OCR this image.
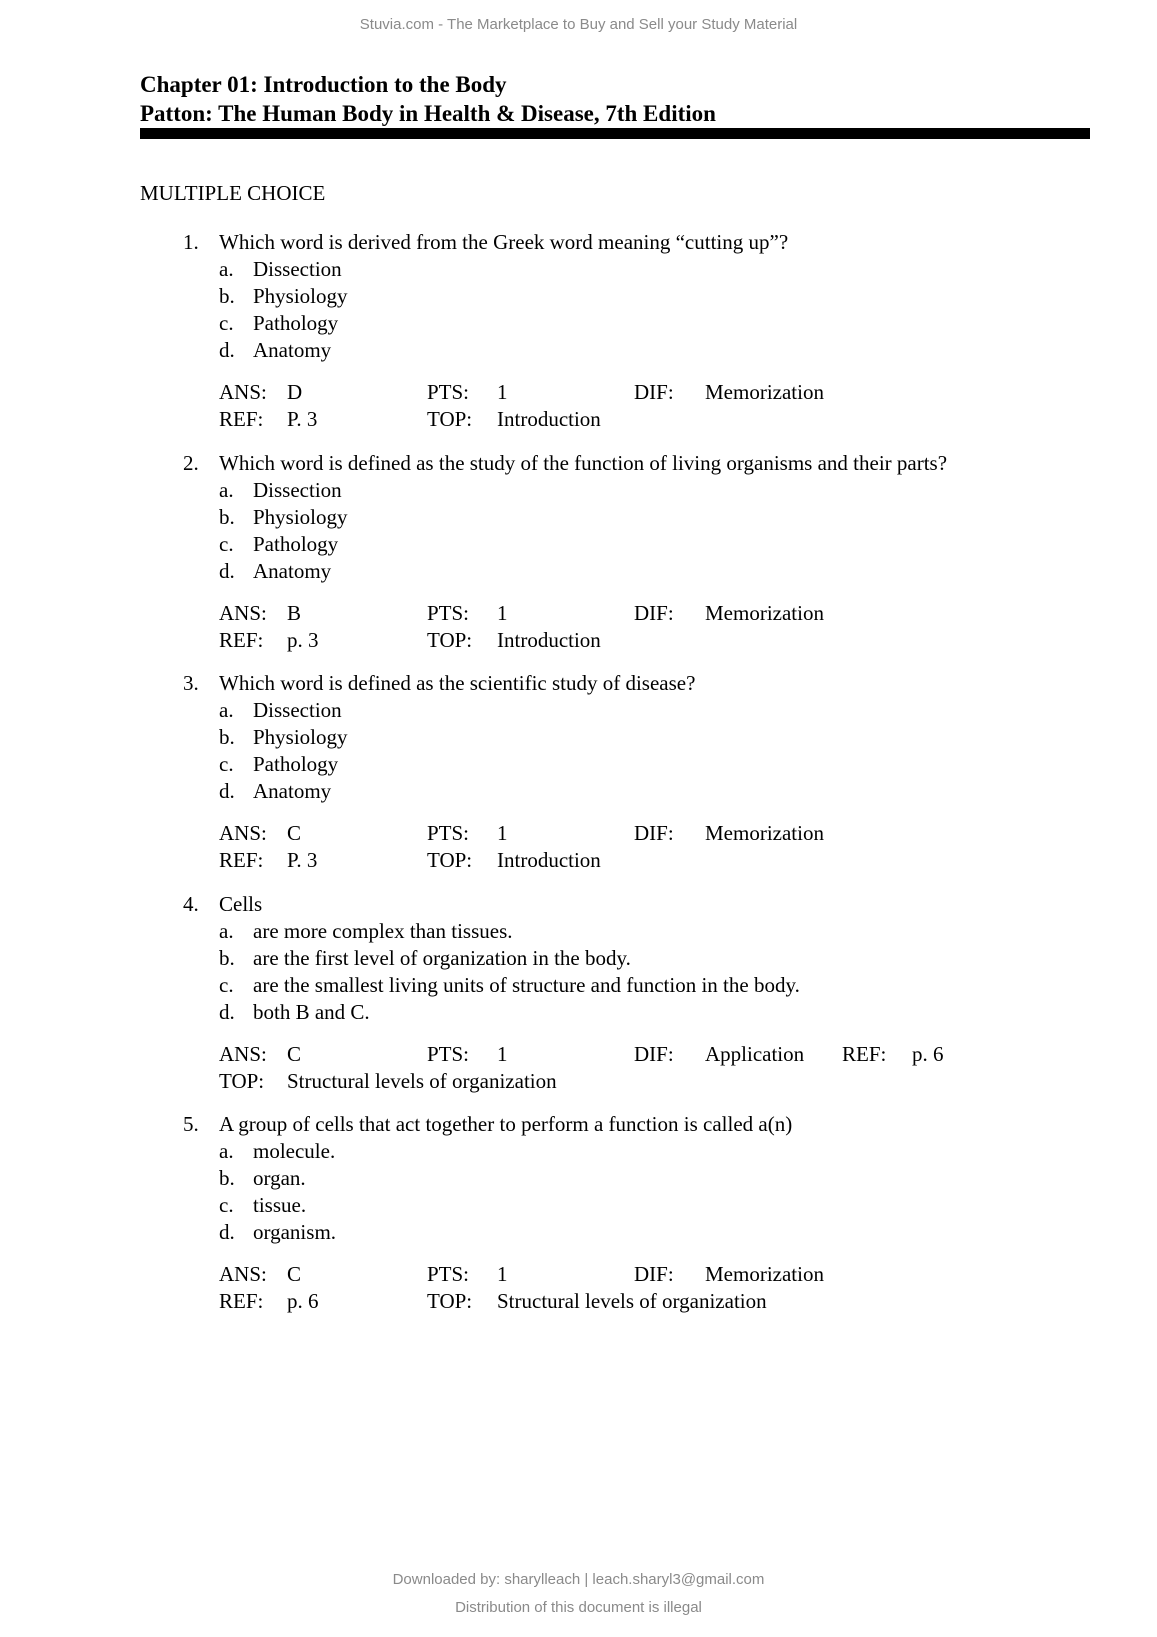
Stuvia.com - The Marketplace to Buy and Sell your Study Material
Chapter 01: Introduction to the Body
Patton: The Human Body in Health & Disease, 7th Edition
MULTIPLE CHOICE
1. Which word is derived from the Greek word meaning “cutting up”?
a. Dissection
b. Physiology
c. Pathology
d. Anatomy
ANS: D	PTS: 1	DIF: Memorization
REF: P. 3	TOP: Introduction
2. Which word is defined as the study of the function of living organisms and their parts?
a. Dissection
b. Physiology
c. Pathology
d. Anatomy
ANS: B	PTS: 1	DIF: Memorization
REF: p. 3	TOP: Introduction
3. Which word is defined as the scientific study of disease?
a. Dissection
b. Physiology
c. Pathology
d. Anatomy
ANS: C	PTS: 1	DIF: Memorization
REF: P. 3	TOP: Introduction
4. Cells
a. are more complex than tissues.
b. are the first level of organization in the body.
c. are the smallest living units of structure and function in the body.
d. both B and C.
ANS: C	PTS: 1	DIF: Application REF: p. 6
TOP: Structural levels of organization
5. A group of cells that act together to perform a function is called a(n)
a. molecule.
b. organ.
c. tissue.
d. organism.
ANS: C	PTS: 1	DIF: Memorization
REF: p. 6	TOP: Structural levels of organization
Downloaded by: sharylleach | leach.sharyl3@gmail.com
Distribution of this document is illegal
